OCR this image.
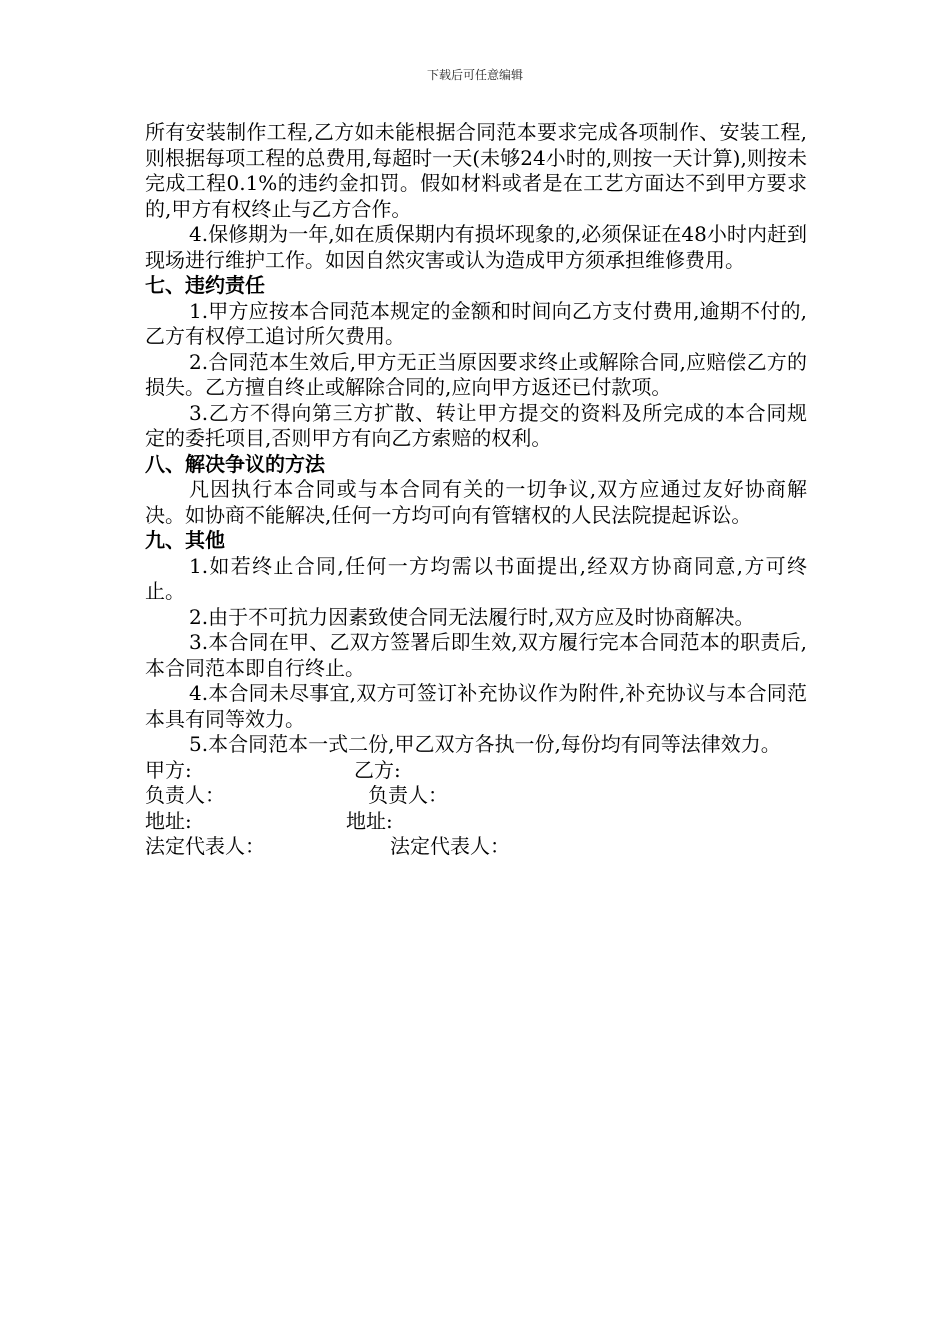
下载后可任意编辑

所有安装制作工程,乙方如未能根据合同范本要求完成各项制作、安装工程,则根据每项工程的总费用,每超时一天(未够24小时的,则按一天计算),则按未完成工程0.1%的违约金扣罚。假如材料或者是在工艺方面达不到甲方要求的,甲方有权终止与乙方合作。

4.保修期为一年,如在质保期内有损坏现象的,必须保证在48小时内赶到现场进行维护工作。如因自然灾害或认为造成甲方须承担维修费用。

七、违约责任

1.甲方应按本合同范本规定的金额和时间向乙方支付费用,逾期不付的,乙方有权停工追讨所欠费用。

2.合同范本生效后,甲方无正当原因要求终止或解除合同,应赔偿乙方的损失。乙方擅自终止或解除合同的,应向甲方返还已付款项。

3.乙方不得向第三方扩散、转让甲方提交的资料及所完成的本合同规定的委托项目,否则甲方有向乙方索赔的权利。

八、解决争议的方法

凡因执行本合同或与本合同有关的一切争议,双方应通过友好协商解决。如协商不能解决,任何一方均可向有管辖权的人民法院提起诉讼。

九、其他

1.如若终止合同,任何一方均需以书面提出,经双方协商同意,方可终止。

2.由于不可抗力因素致使合同无法履行时,双方应及时协商解决。

3.本合同在甲、乙双方签署后即生效,双方履行完本合同范本的职责后,本合同范本即自行终止。

4.本合同未尽事宜,双方可签订补充协议作为附件,补充协议与本合同范本具有同等效力。

5.本合同范本一式二份,甲乙双方各执一份,每份均有同等法律效力。

甲方:	乙方:
负责人：	负责人：
地址:	地址:
法定代表人：	法定代表人：
